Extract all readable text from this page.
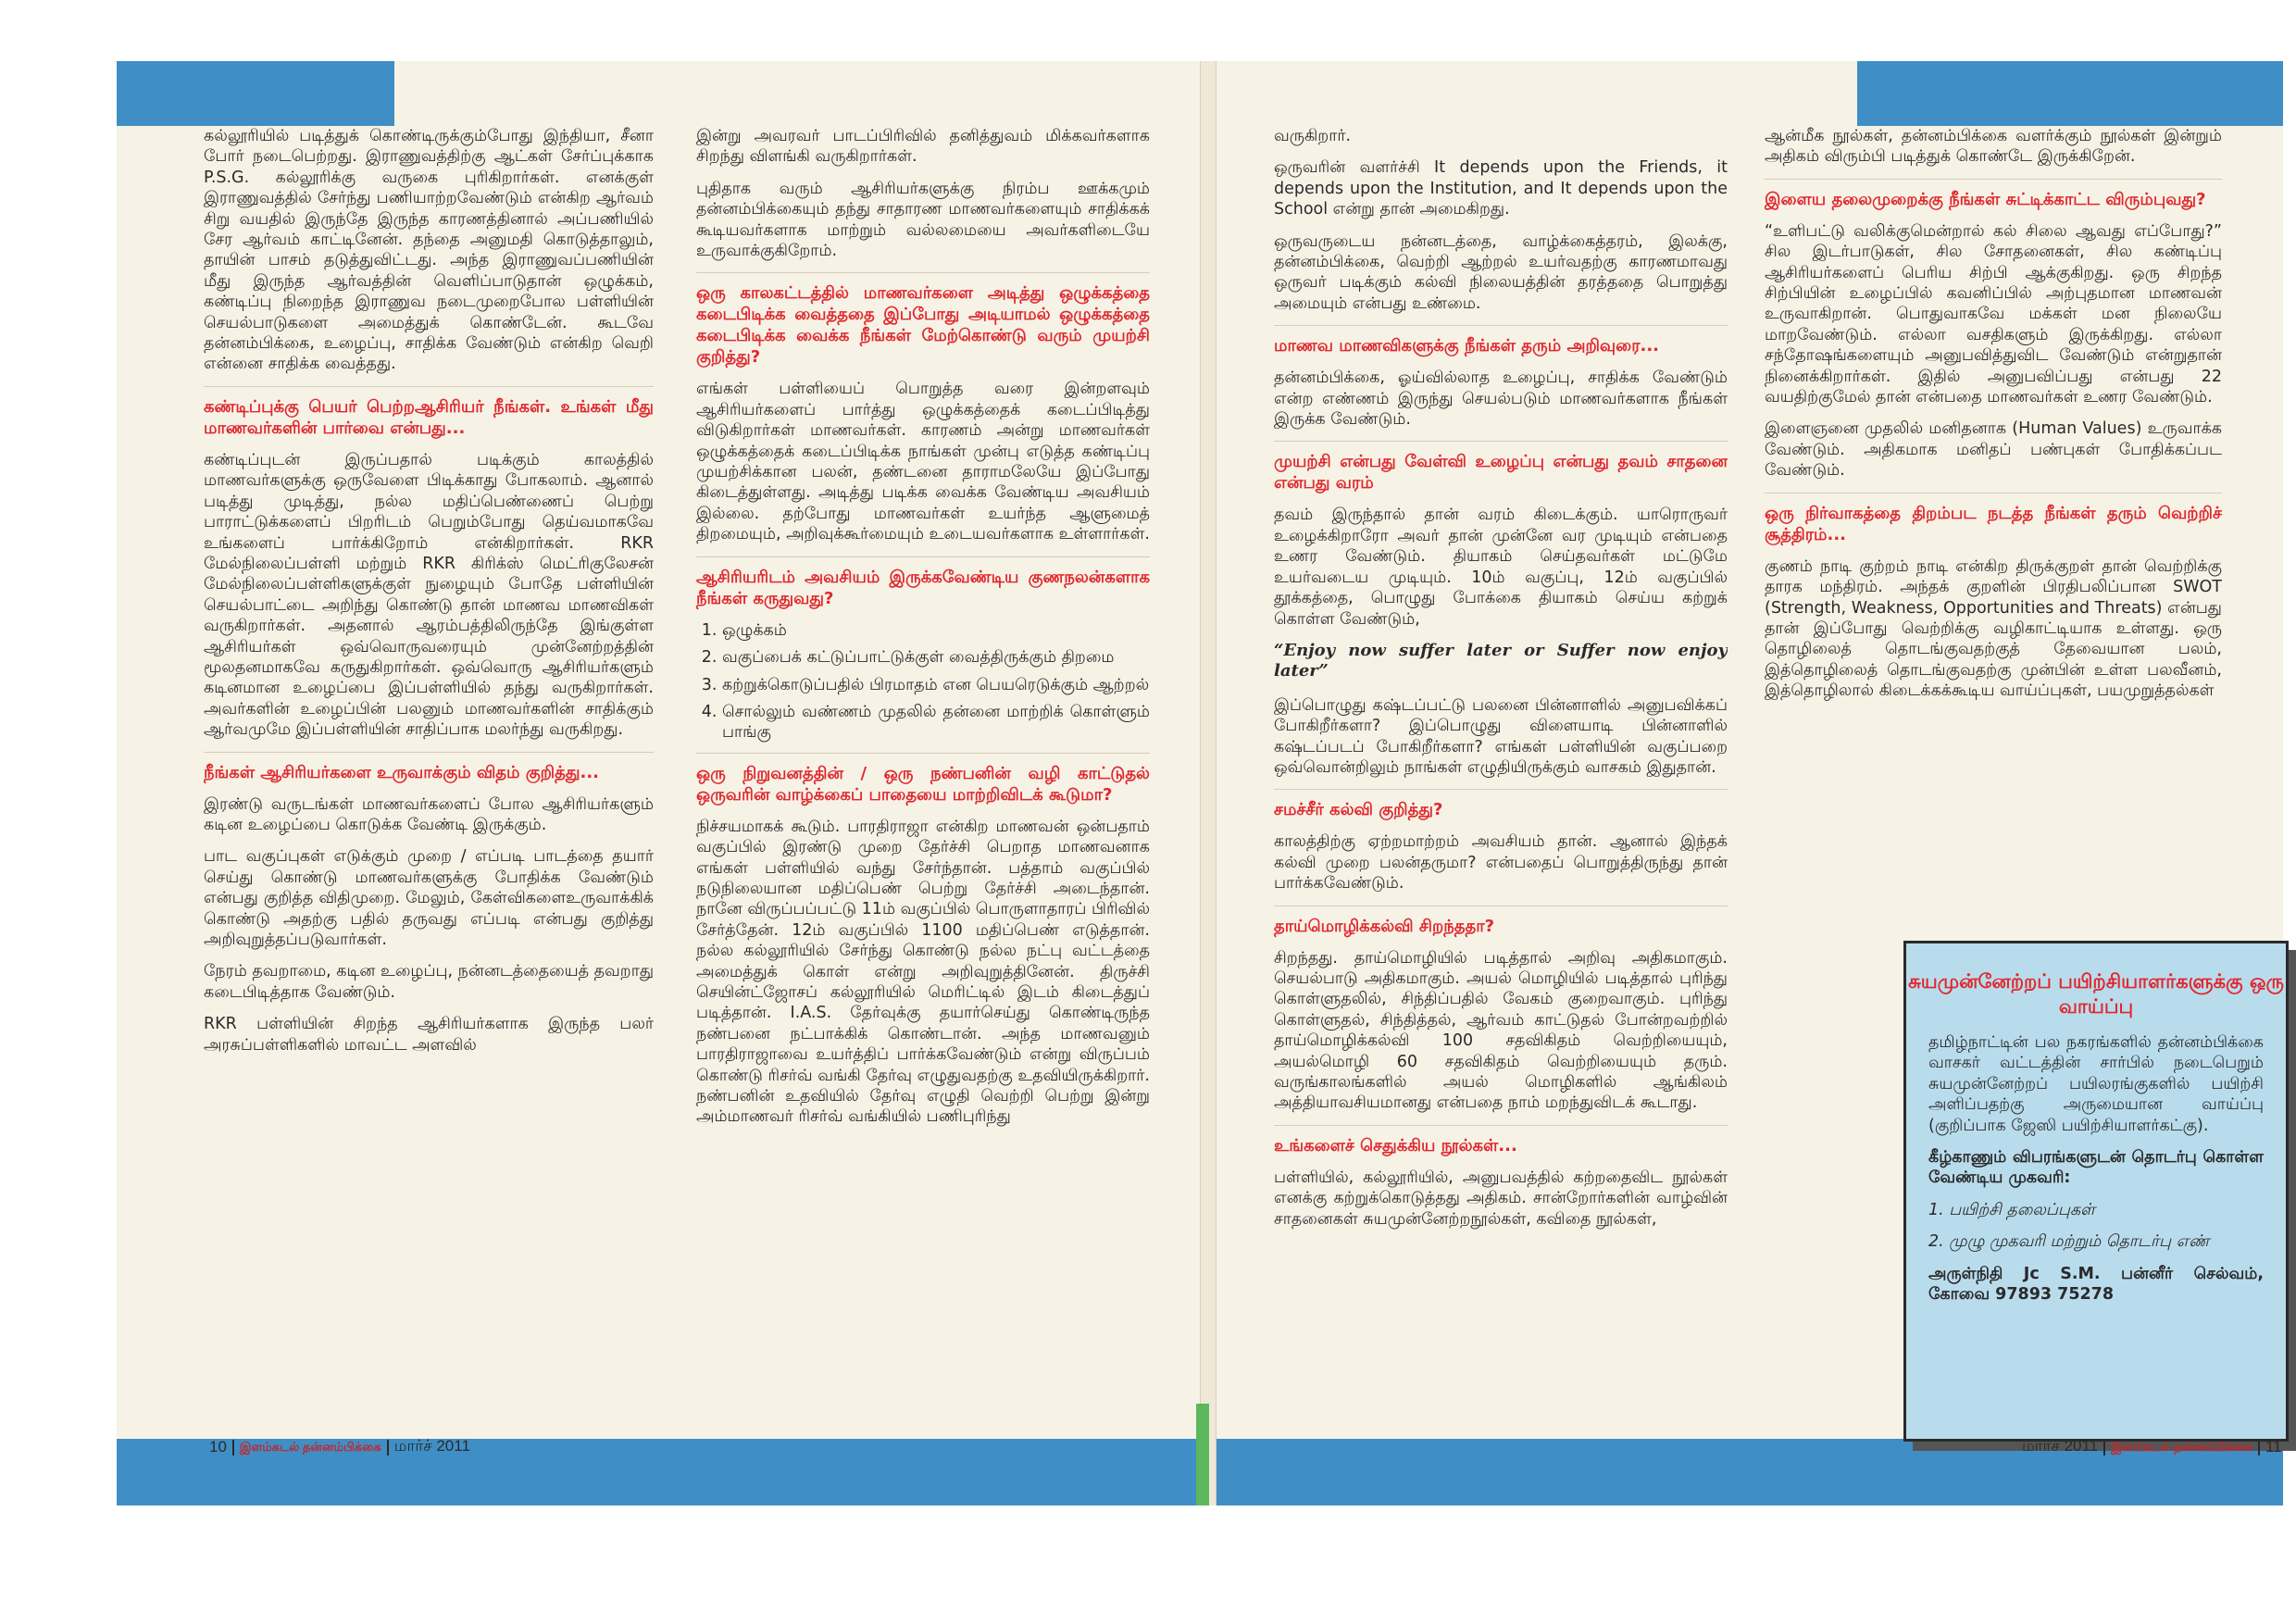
கல்லூரியில் படித்துக் கொண்டிருக்கும்போது இந்தியா, சீனா போர் நடைபெற்றது. இராணுவத்திற்கு ஆட்கள் சேர்ப்புக்காக P.S.G. கல்லூரிக்கு வருகை புரிகிறார்கள். எனக்குள் இராணுவத்தில் சேர்ந்து பணியாற்றவேண்டும் என்கிற ஆர்வம் சிறு வயதில் இருந்தே இருந்த காரணத்தினால் அப்பணியில் சேர ஆர்வம் காட்டினேன். தந்தை அனுமதி கொடுத்தாலும், தாயின் பாசம் தடுத்துவிட்டது. அந்த இராணுவப்பணியின் மீது இருந்த ஆர்வத்தின் வெளிப்பாடுதான் ஒழுக்கம், கண்டிப்பு நிறைந்த இராணுவ நடைமுறைபோல பள்ளியின் செயல்பாடுகளை அமைத்துக் கொண்டேன். கூடவே தன்னம்பிக்கை, உழைப்பு, சாதிக்க வேண்டும் என்கிற வெறி என்னை சாதிக்க வைத்தது.

கண்டிப்புக்கு பெயர் பெற்றஆசிரியர் நீங்கள். உங்கள் மீது மாணவர்களின் பார்வை என்பது...

கண்டிப்புடன் இருப்பதால் படிக்கும் காலத்தில் மாணவர்களுக்கு ஒருவேளை பிடிக்காது போகலாம். ஆனால் படித்து முடித்து, நல்ல மதிப்பெண்ணைப் பெற்று பாராட்டுக்களைப் பிறரிடம் பெறும்போது தெய்வமாகவே உங்களைப் பார்க்கிறோம் என்கிறார்கள். RKR மேல்நிலைப்பள்ளி மற்றும் RKR கிரிக்ஸ் மெட்ரிகுலேசன் மேல்நிலைப்பள்ளிகளுக்குள் நுழையும் போதே பள்ளியின் செயல்பாட்டை அறிந்து கொண்டு தான் மாணவ மாணவிகள் வருகிறார்கள். அதனால் ஆரம்பத்திலிருந்தே இங்குள்ள ஆசிரியர்கள் ஒவ்வொருவரையும் முன்னேற்றத்தின் மூலதனமாகவே கருதுகிறார்கள். ஒவ்வொரு ஆசிரியர்களும் கடினமான உழைப்பை இப்பள்ளியில் தந்து வருகிறார்கள். அவர்களின் உழைப்பின் பலனும் மாணவர்களின் சாதிக்கும் ஆர்வமுமே இப்பள்ளியின் சாதிப்பாக மலர்ந்து வருகிறது.

நீங்கள் ஆசிரியர்களை உருவாக்கும் விதம் குறித்து...

இரண்டு வருடங்கள் மாணவர்களைப் போல ஆசிரியர்களும் கடின உழைப்பை கொடுக்க வேண்டி இருக்கும்.

பாட வகுப்புகள் எடுக்கும் முறை / எப்படி பாடத்தை தயார் செய்து கொண்டு மாணவர்களுக்கு போதிக்க வேண்டும் என்பது குறித்த விதிமுறை. மேலும், கேள்விகளைஉருவாக்கிக் கொண்டு அதற்கு பதில் தருவது எப்படி என்பது குறித்து அறிவுறுத்தப்படுவார்கள்.

நேரம் தவறாமை, கடின உழைப்பு, நன்னடத்தையைத் தவறாது கடைபிடித்தாக வேண்டும்.

RKR பள்ளியின் சிறந்த ஆசிரியர்களாக இருந்த பலர் அரசுப்பள்ளிகளில் மாவட்ட அளவில்

இன்று அவரவர் பாடப்பிரிவில் தனித்துவம் மிக்கவர்களாக சிறந்து விளங்கி வருகிறார்கள்.

புதிதாக வரும் ஆசிரியர்களுக்கு நிரம்ப ஊக்கமும் தன்னம்பிக்கையும் தந்து சாதாரண மாணவர்களையும் சாதிக்கக் கூடியவர்களாக மாற்றும் வல்லமையை அவர்களிடையே உருவாக்குகிறோம்.

ஒரு காலகட்டத்தில் மாணவர்களை அடித்து ஒழுக்கத்தை கடைபிடிக்க வைத்ததை இப்போது அடியாமல் ஒழுக்கத்தை கடைபிடிக்க வைக்க நீங்கள் மேற்கொண்டு வரும் முயற்சி குறித்து?

எங்கள் பள்ளியைப் பொறுத்த வரை இன்றளவும் ஆசிரியர்களைப் பார்த்து ஒழுக்கத்தைக் கடைப்பிடித்து விடுகிறார்கள் மாணவர்கள். காரணம் அன்று மாணவர்கள் ஒழுக்கத்தைக் கடைப்பிடிக்க நாங்கள் முன்பு எடுத்த கண்டிப்பு முயற்சிக்கான பலன், தண்டனை தாராமலேயே இப்போது கிடைத்துள்ளது. அடித்து படிக்க வைக்க வேண்டிய அவசியம் இல்லை. தற்போது மாணவர்கள் உயர்ந்த ஆளுமைத் திறமையும், அறிவுக்கூர்மையும் உடையவர்களாக உள்ளார்கள்.

ஆசிரியரிடம் அவசியம் இருக்கவேண்டிய குணநலன்களாக நீங்கள் கருதுவது?

1. ஒழுக்கம்
2. வகுப்பைக் கட்டுப்பாட்டுக்குள் வைத்திருக்கும் திறமை
3. கற்றுக்கொடுப்பதில் பிரமாதம் என பெயரெடுக்கும் ஆற்றல்
4. சொல்லும் வண்ணம் முதலில் தன்னை மாற்றிக் கொள்ளும் பாங்கு

ஒரு நிறுவனத்தின் / ஒரு நண்பனின் வழி காட்டுதல் ஒருவரின் வாழ்க்கைப் பாதையை மாற்றிவிடக் கூடுமா?

நிச்சயமாகக் கூடும். பாரதிராஜா என்கிற மாணவன் ஒன்பதாம் வகுப்பில் இரண்டு முறை தேர்ச்சி பெறாத மாணவனாக எங்கள் பள்ளியில் வந்து சேர்ந்தான். பத்தாம் வகுப்பில் நடுநிலையான மதிப்பெண் பெற்று தேர்ச்சி அடைந்தான். நானே விருப்பப்பட்டு 11ம் வகுப்பில் பொருளாதாரப் பிரிவில் சேர்த்தேன். 12ம் வகுப்பில் 1100 மதிப்பெண் எடுத்தான். நல்ல கல்லூரியில் சேர்ந்து கொண்டு நல்ல நட்பு வட்டத்தை அமைத்துக் கொள் என்று அறிவுறுத்தினேன். திருச்சி செயின்ட்ஜோசப் கல்லூரியில் மெரிட்டில் இடம் கிடைத்துப் படித்தான். I.A.S. தேர்வுக்கு தயார்செய்து கொண்டிருந்த நண்பனை நட்பாக்கிக் கொண்டான். அந்த மாணவனும் பாரதிராஜாவை உயர்த்திப் பார்க்கவேண்டும் என்று விருப்பம் கொண்டு ரிசர்வ் வங்கி தேர்வு எழுதுவதற்கு உதவியிருக்கிறார். நண்பனின் உதவியில் தேர்வு எழுதி வெற்றி பெற்று இன்று அம்மாணவர் ரிசர்வ் வங்கியில் பணிபுரிந்து

வருகிறார்.

ஒருவரின் வளர்ச்சி It depends upon the Friends, it depends upon the Institution, and It depends upon the School என்று தான் அமைகிறது.

ஒருவருடைய நன்னடத்தை, வாழ்க்கைத்தரம், இலக்கு, தன்னம்பிக்கை, வெற்றி ஆற்றல் உயர்வதற்கு காரணமாவது ஒருவர் படிக்கும் கல்வி நிலையத்தின் தரத்ததை பொறுத்து அமையும் என்பது உண்மை.

மாணவ மாணவிகளுக்கு நீங்கள் தரும் அறிவுரை...

தன்னம்பிக்கை, ஓய்வில்லாத உழைப்பு, சாதிக்க வேண்டும் என்ற எண்ணம் இருந்து செயல்படும் மாணவர்களாக நீங்கள் இருக்க வேண்டும்.

முயற்சி என்பது வேள்வி உழைப்பு என்பது தவம் சாதனை என்பது வரம்

தவம் இருந்தால் தான் வரம் கிடைக்கும். யாரொருவர் உழைக்கிறாரோ அவர் தான் முன்னே வர முடியும் என்பதை உணர வேண்டும். தியாகம் செய்தவர்கள் மட்டுமே உயர்வடைய முடியும். 10ம் வகுப்பு, 12ம் வகுப்பில் தூக்கத்தை, பொழுது போக்கை தியாகம் செய்ய கற்றுக் கொள்ள வேண்டும்,

“Enjoy now suffer later or Suffer now enjoy later”

இப்பொழுது கஷ்டப்பட்டு பலனை பின்னாளில் அனுபவிக்கப் போகிறீர்களா? இப்பொழுது விளையாடி பின்னாளில் கஷ்டப்படப் போகிறீர்களா? எங்கள் பள்ளியின் வகுப்பறை ஒவ்வொன்றிலும் நாங்கள் எழுதியிருக்கும் வாசகம் இதுதான்.

சமச்சீர் கல்வி குறித்து?

காலத்திற்கு ஏற்றமாற்றம் அவசியம் தான். ஆனால் இந்தக் கல்வி முறை பலன்தருமா? என்பதைப் பொறுத்திருந்து தான் பார்க்கவேண்டும்.

தாய்மொழிக்கல்வி சிறந்ததா?

சிறந்தது. தாய்மொழியில் படித்தால் அறிவு அதிகமாகும். செயல்பாடு அதிகமாகும். அயல் மொழியில் படித்தால் புரிந்து கொள்ளுதலில், சிந்திப்பதில் வேகம் குறைவாகும். புரிந்து கொள்ளுதல், சிந்தித்தல், ஆர்வம் காட்டுதல் போன்றவற்றில் தாய்மொழிக்கல்வி 100 சதவிகிதம் வெற்றியையும், அயல்மொழி 60 சதவிகிதம் வெற்றியையும் தரும். வருங்காலங்களில் அயல் மொழிகளில் ஆங்கிலம் அத்தியாவசியமானது என்பதை நாம் மறந்துவிடக் கூடாது.

உங்களைச் செதுக்கிய நூல்கள்...

பள்ளியில், கல்லூரியில், அனுபவத்தில் கற்றதைவிட நூல்கள் எனக்கு கற்றுக்கொடுத்தது அதிகம். சான்றோர்களின் வாழ்வின் சாதனைகள் சுயமுன்னேற்றநூல்கள், கவிதை நூல்கள்,

ஆன்மீக நூல்கள், தன்னம்பிக்கை வளர்க்கும் நூல்கள் இன்றும் அதிகம் விரும்பி படித்துக் கொண்டே இருக்கிறேன்.

இளைய தலைமுறைக்கு நீங்கள் சுட்டிக்காட்ட விரும்புவது?

“உளிபட்டு வலிக்குமென்றால் கல் சிலை ஆவது எப்போது?” சில இடர்பாடுகள், சில சோதனைகள், சில கண்டிப்பு ஆசிரியர்களைப் பெரிய சிற்பி ஆக்குகிறது. ஒரு சிறந்த சிற்பியின் உழைப்பில் கவனிப்பில் அற்புதமான மாணவன் உருவாகிறான். பொதுவாகவே மக்கள் மன நிலையே மாறவேண்டும். எல்லா வசதிகளும் இருக்கிறது. எல்லா சந்தோஷங்களையும் அனுபவித்துவிட வேண்டும் என்றுதான் நினைக்கிறார்கள். இதில் அனுபவிப்பது என்பது 22 வயதிற்குமேல் தான் என்பதை மாணவர்கள் உணர வேண்டும்.

இளைஞனை முதலில் மனிதனாக (Human Values) உருவாக்க வேண்டும். அதிகமாக மனிதப் பண்புகள் போதிக்கப்பட வேண்டும்.

ஒரு நிர்வாகத்தை திறம்பட நடத்த நீங்கள் தரும் வெற்றிச் சூத்திரம்...

குணம் நாடி குற்றம் நாடி என்கிற திருக்குறள் தான் வெற்றிக்கு தாரக மந்திரம். அந்தக் குறளின் பிரதிபலிப்பான SWOT (Strength, Weakness, Opportunities and Threats) என்பது தான் இப்போது வெற்றிக்கு வழிகாட்டியாக உள்ளது. ஒரு தொழிலைத் தொடங்குவதற்குத் தேவையான பலம், இத்தொழிலைத் தொடங்குவதற்கு முன்பின் உள்ள பலவீனம், இத்தொழிலால் கிடைக்கக்கூடிய வாய்ப்புகள், பயமுறுத்தல்கள்

சுயமுன்னேற்றப் பயிற்சியாளர்களுக்கு ஒரு வாய்ப்பு

தமிழ்நாட்டின் பல நகரங்களில் தன்னம்பிக்கை வாசகர் வட்டத்தின் சார்பில் நடைபெறும் சுயமுன்னேற்றப் பயிலரங்குகளில் பயிற்சி அளிப்பதற்கு அருமையான வாய்ப்பு (குறிப்பாக ஜேஸி பயிற்சியாளர்கட்கு).

கீழ்காணும் விபரங்களுடன் தொடர்பு கொள்ள வேண்டிய முகவரி:

1. பயிற்சி தலைப்புகள்

2. முழு முகவரி மற்றும் தொடர்பு எண்

அருள்நிதி Jc S.M. பன்னீர் செல்வம், கோவை 97893 75278

10	இளம்கடல் தன்னம்பிக்கை மார்ச் 2011	மார்ச் 2011	இளம்கடல் தன்னம்பிக்கை 11
